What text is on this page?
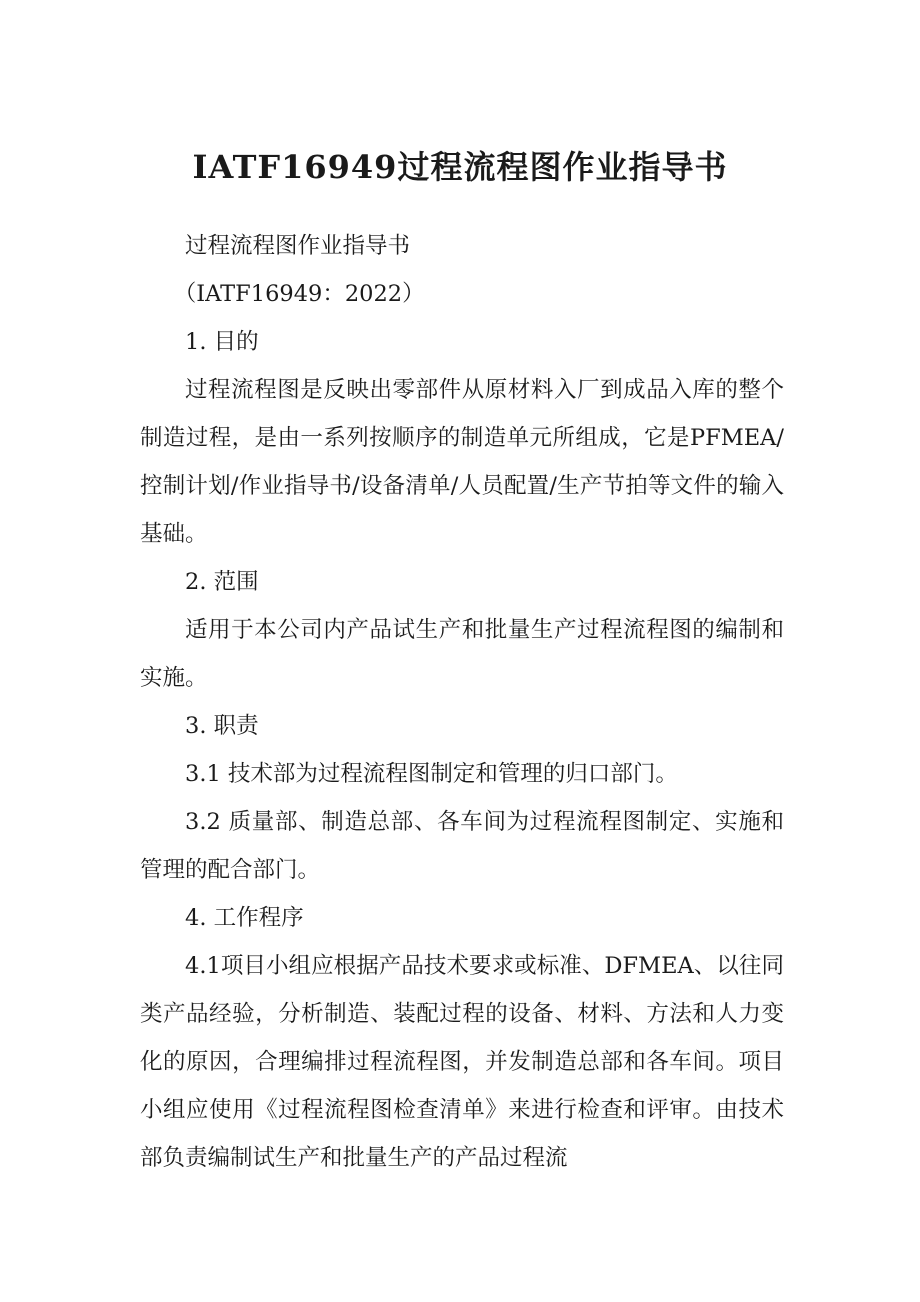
IATF16949过程流程图作业指导书

过程流程图作业指导书

（IATF16949：2022）

1. 目的

过程流程图是反映出零部件从原材料入厂到成品入库的整个制造过程，是由一系列按顺序的制造单元所组成，它是PFMEA/控制计划/作业指导书/设备清单/人员配置/生产节拍等文件的输入基础。

2. 范围

适用于本公司内产品试生产和批量生产过程流程图的编制和实施。

3. 职责

3.1 技术部为过程流程图制定和管理的归口部门。

3.2 质量部、制造总部、各车间为过程流程图制定、实施和管理的配合部门。

4. 工作程序

4.1项目小组应根据产品技术要求或标准、DFMEA、以往同类产品经验，分析制造、装配过程的设备、材料、方法和人力变化的原因，合理编排过程流程图，并发制造总部和各车间。项目小组应使用《过程流程图检查清单》来进行检查和评审。由技术部负责编制试生产和批量生产的产品过程流
